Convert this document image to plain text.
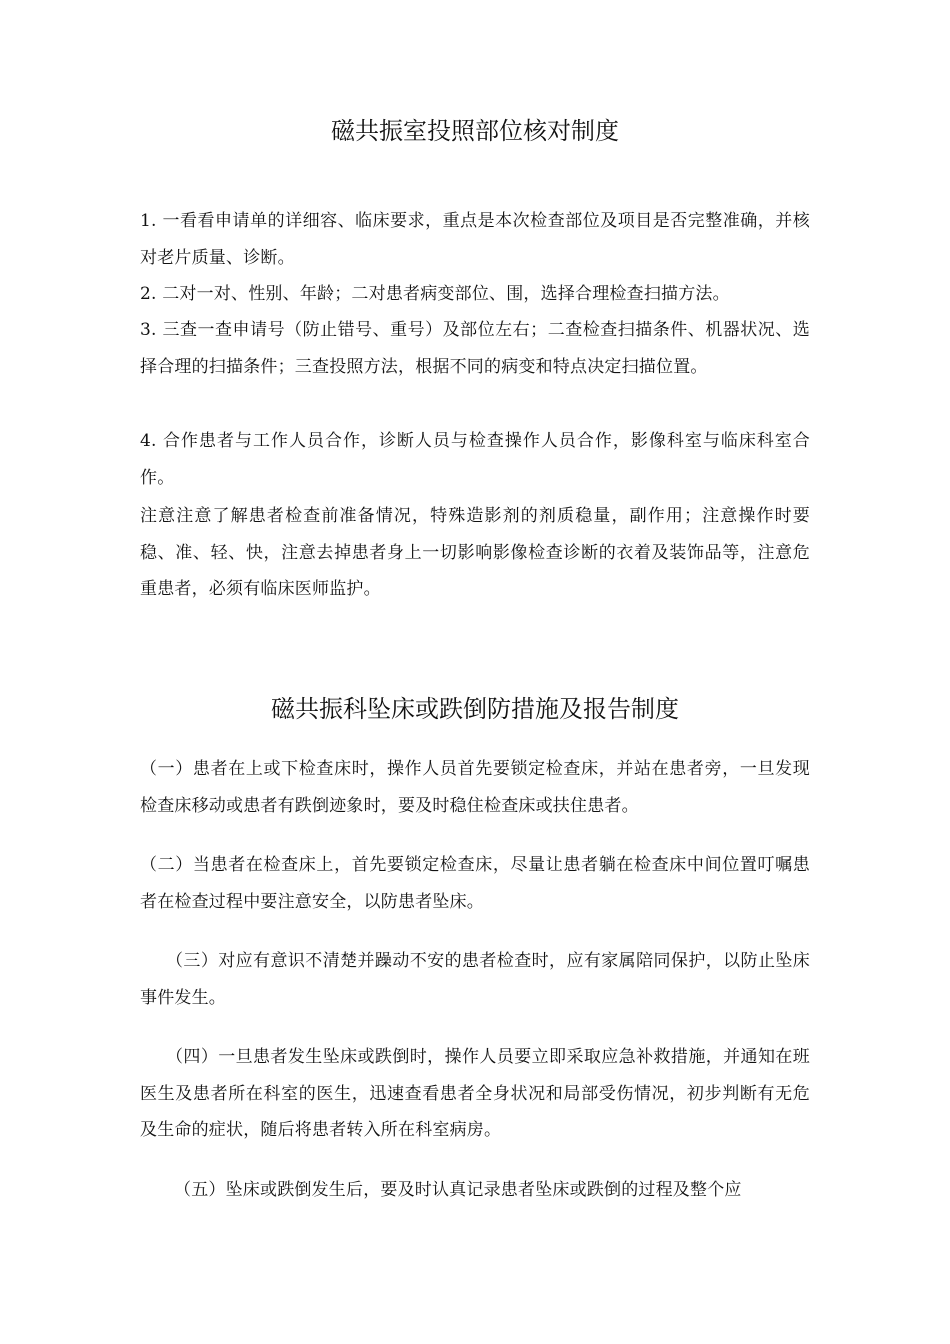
磁共振室投照部位核对制度

1. 一看看申请单的详细容、临床要求，重点是本次检查部位及项目是否完整准确，并核对老片质量、诊断。

2. 二对一对、性别、年龄；二对患者病变部位、围，选择合理检查扫描方法。

3. 三查一查申请号（防止错号、重号）及部位左右；二查检查扫描条件、机器状况、选择合理的扫描条件；三查投照方法，根据不同的病变和特点决定扫描位置。

4. 合作患者与工作人员合作，诊断人员与检查操作人员合作，影像科室与临床科室合作。

注意注意了解患者检查前准备情况，特殊造影剂的剂质稳量，副作用；注意操作时要稳、准、轻、快，注意去掉患者身上一切影响影像检查诊断的衣着及装饰品等，注意危重患者，必须有临床医师监护。

磁共振科坠床或跌倒防措施及报告制度

（一）患者在上或下检查床时，操作人员首先要锁定检查床，并站在患者旁，一旦发现检查床移动或患者有跌倒迹象时，要及时稳住检查床或扶住患者。

（二）当患者在检查床上，首先要锁定检查床，尽量让患者躺在检查床中间位置叮嘱患者在检查过程中要注意安全，以防患者坠床。

（三）对应有意识不清楚并躁动不安的患者检查时，应有家属陪同保护，以防止坠床事件发生。

（四）一旦患者发生坠床或跌倒时，操作人员要立即采取应急补救措施，并通知在班医生及患者所在科室的医生，迅速查看患者全身状况和局部受伤情况，初步判断有无危及生命的症状，随后将患者转入所在科室病房。

（五）坠床或跌倒发生后，要及时认真记录患者坠床或跌倒的过程及整个应
